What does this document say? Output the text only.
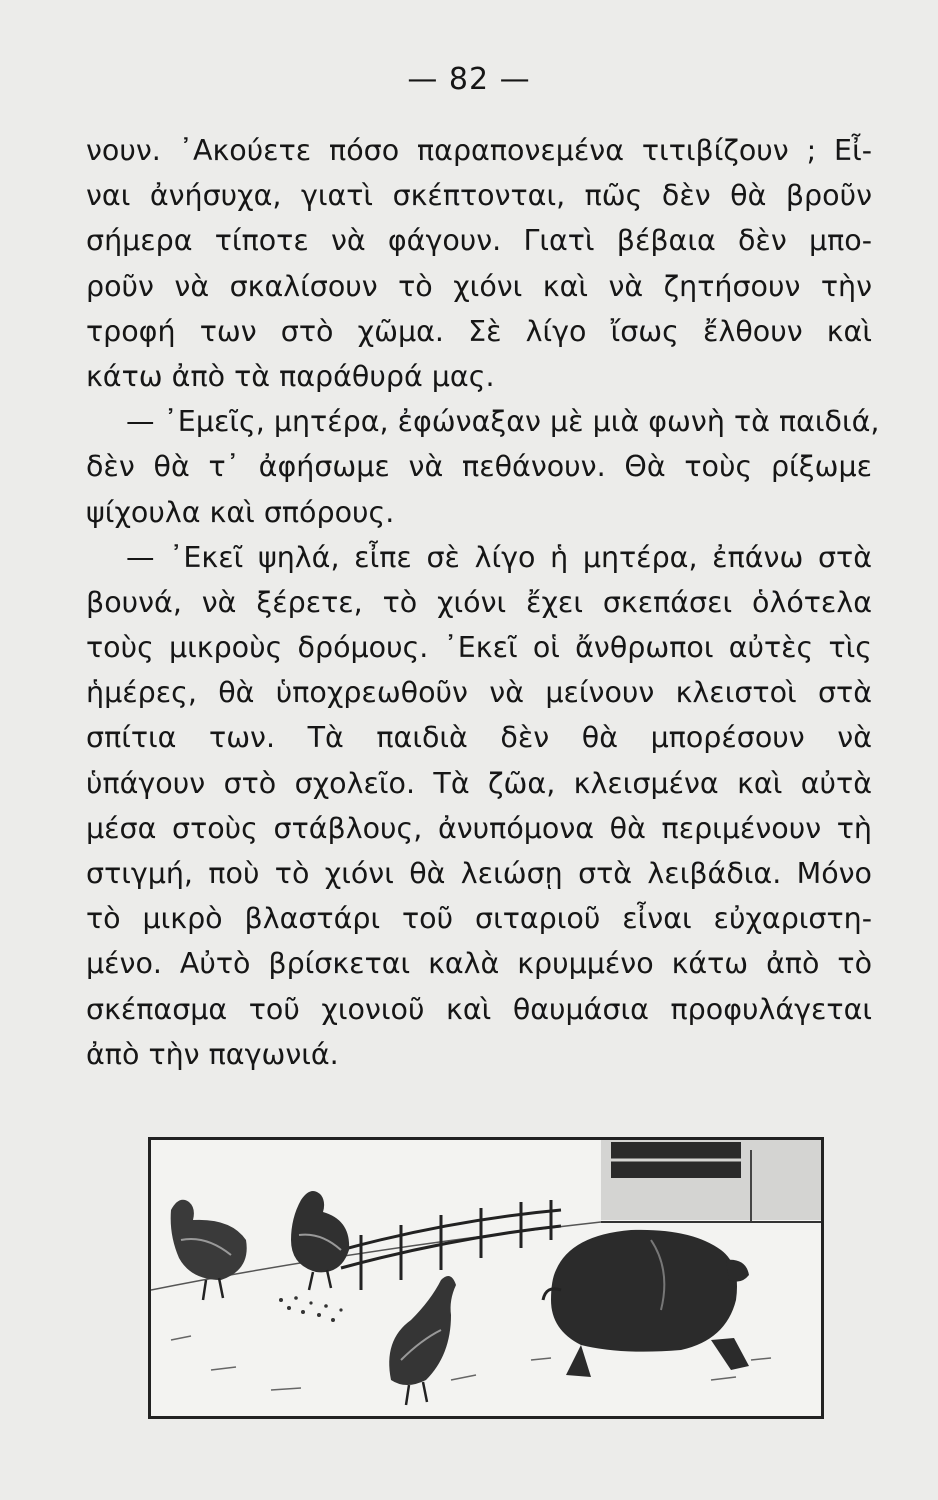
— 82 —
νουν. ᾿Ακούετε πόσο παραπονεμένα τιτιβίζουν ; Εἶ-
ναι ἀνήσυχα, γιατὶ σκέπτονται, πῶς δὲν θὰ βροῦν
σήμερα τίποτε νὰ φάγουν. Γιατὶ βέβαια δὲν μπο-
ροῦν νὰ σκαλίσουν τὸ χιόνι καὶ νὰ ζητήσουν τὴν
τροφή των στὸ χῶμα. Σὲ λίγο ἴσως ἔλθουν καὶ
κάτω ἀπὸ τὰ παράθυρά μας.
— ᾿Εμεῖς, μητέρα, ἐφώναξαν μὲ μιὰ φωνὴ τὰ παιδιά,
δὲν θὰ τ᾿ ἀφήσωμε νὰ πεθάνουν. Θὰ τοὺς ρίξωμε
ψίχουλα καὶ σπόρους.
— ᾿Εκεῖ ψηλά, εἶπε σὲ λίγο ἡ μητέρα, ἐπάνω στὰ
βουνά, νὰ ξέρετε, τὸ χιόνι ἔχει σκεπάσει ὁλότελα
τοὺς μικροὺς δρόμους. ᾿Εκεῖ οἱ ἄνθρωποι αὐτὲς τὶς
ἡμέρες, θὰ ὑποχρεωθοῦν νὰ μείνουν κλειστοὶ στὰ
σπίτια των. Τὰ παιδιὰ δὲν θὰ μπορέσουν νὰ
ὑπάγουν στὸ σχολεῖο. Τὰ ζῶα, κλεισμένα καὶ αὐτὰ
μέσα στοὺς στάβλους, ἀνυπόμονα θὰ περιμένουν τὴ
στιγμή, ποὺ τὸ χιόνι θὰ λειώσῃ στὰ λειβάδια. Μόνο
τὸ μικρὸ βλαστάρι τοῦ σιταριοῦ εἶναι εὐχαριστη-
μένο. Αὐτὸ βρίσκεται καλὰ κρυμμένο κάτω ἀπὸ τὸ
σκέπασμα τοῦ χιονιοῦ καὶ θαυμάσια προφυλάγεται
ἀπὸ τὴν παγωνιά.
